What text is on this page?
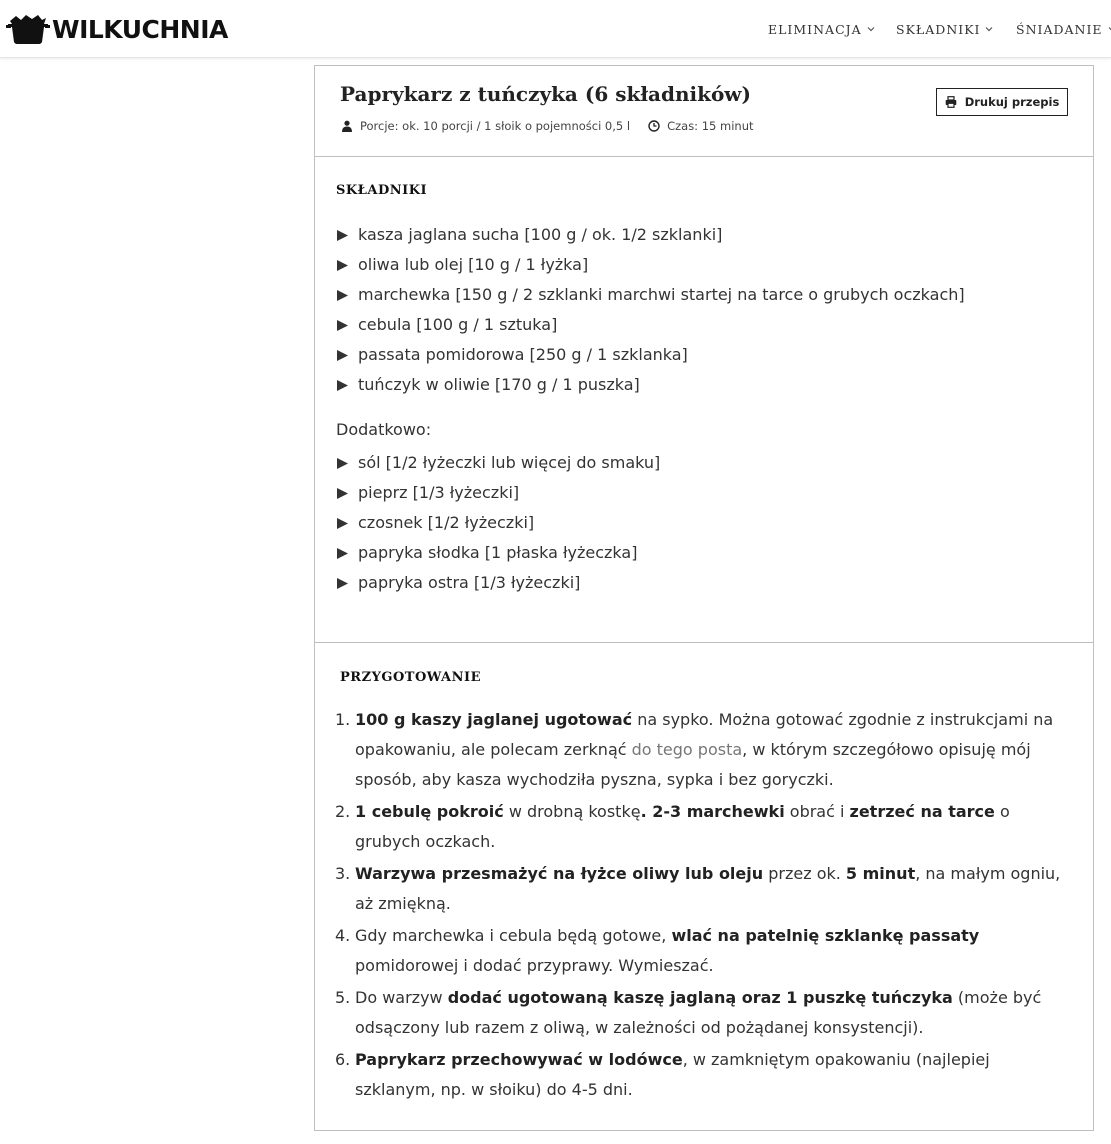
WILKUCHNIA	ELIMINACJA	SKŁADNIKI	ŚNIADANIE
Paprykarz z tuńczyka (6 składników)
Porcje: ok. 10 porcji / 1 słoik o pojemności 0,5 l	Czas: 15 minut
Drukuj przepis
SKŁADNIKI
kasza jaglana sucha [100 g / ok. 1/2 szklanki]
oliwa lub olej [10 g / 1 łyżka]
marchewka [150 g / 2 szklanki marchwi startej na tarce o grubych oczkach]
cebula [100 g / 1 sztuka]
passata pomidorowa [250 g / 1 szklanka]
tuńczyk w oliwie [170 g / 1 puszka]
Dodatkowo:
sól [1/2 łyżeczki lub więcej do smaku]
pieprz [1/3 łyżeczki]
czosnek [1/2 łyżeczki]
papryka słodka [1 płaska łyżeczka]
papryka ostra [1/3 łyżeczki]
PRZYGOTOWANIE
1. 100 g kaszy jaglanej ugotować na sypko. Można gotować zgodnie z instrukcjami na opakowaniu, ale polecam zerknąć do tego posta, w którym szczegółowo opisuję mój sposób, aby kasza wychodziła pyszna, sypka i bez goryczki.
2. 1 cebulę pokroić w drobną kostkę. 2-3 marchewki obrać i zetrzeć na tarce o grubych oczkach.
3. Warzywa przesmażyć na łyżce oliwy lub oleju przez ok. 5 minut, na małym ogniu, aż zmiękną.
4. Gdy marchewka i cebula będą gotowe, wlać na patelnię szklankę passaty pomidorowej i dodać przyprawy. Wymieszać.
5. Do warzyw dodać ugotowaną kaszę jaglaną oraz 1 puszkę tuńczyka (może być odsączony lub razem z oliwą, w zależności od pożądanej konsystencji).
6. Paprykarz przechowywać w lodówce, w zamkniętym opakowaniu (najlepiej szklanym, np. w słoiku) do 4-5 dni.
